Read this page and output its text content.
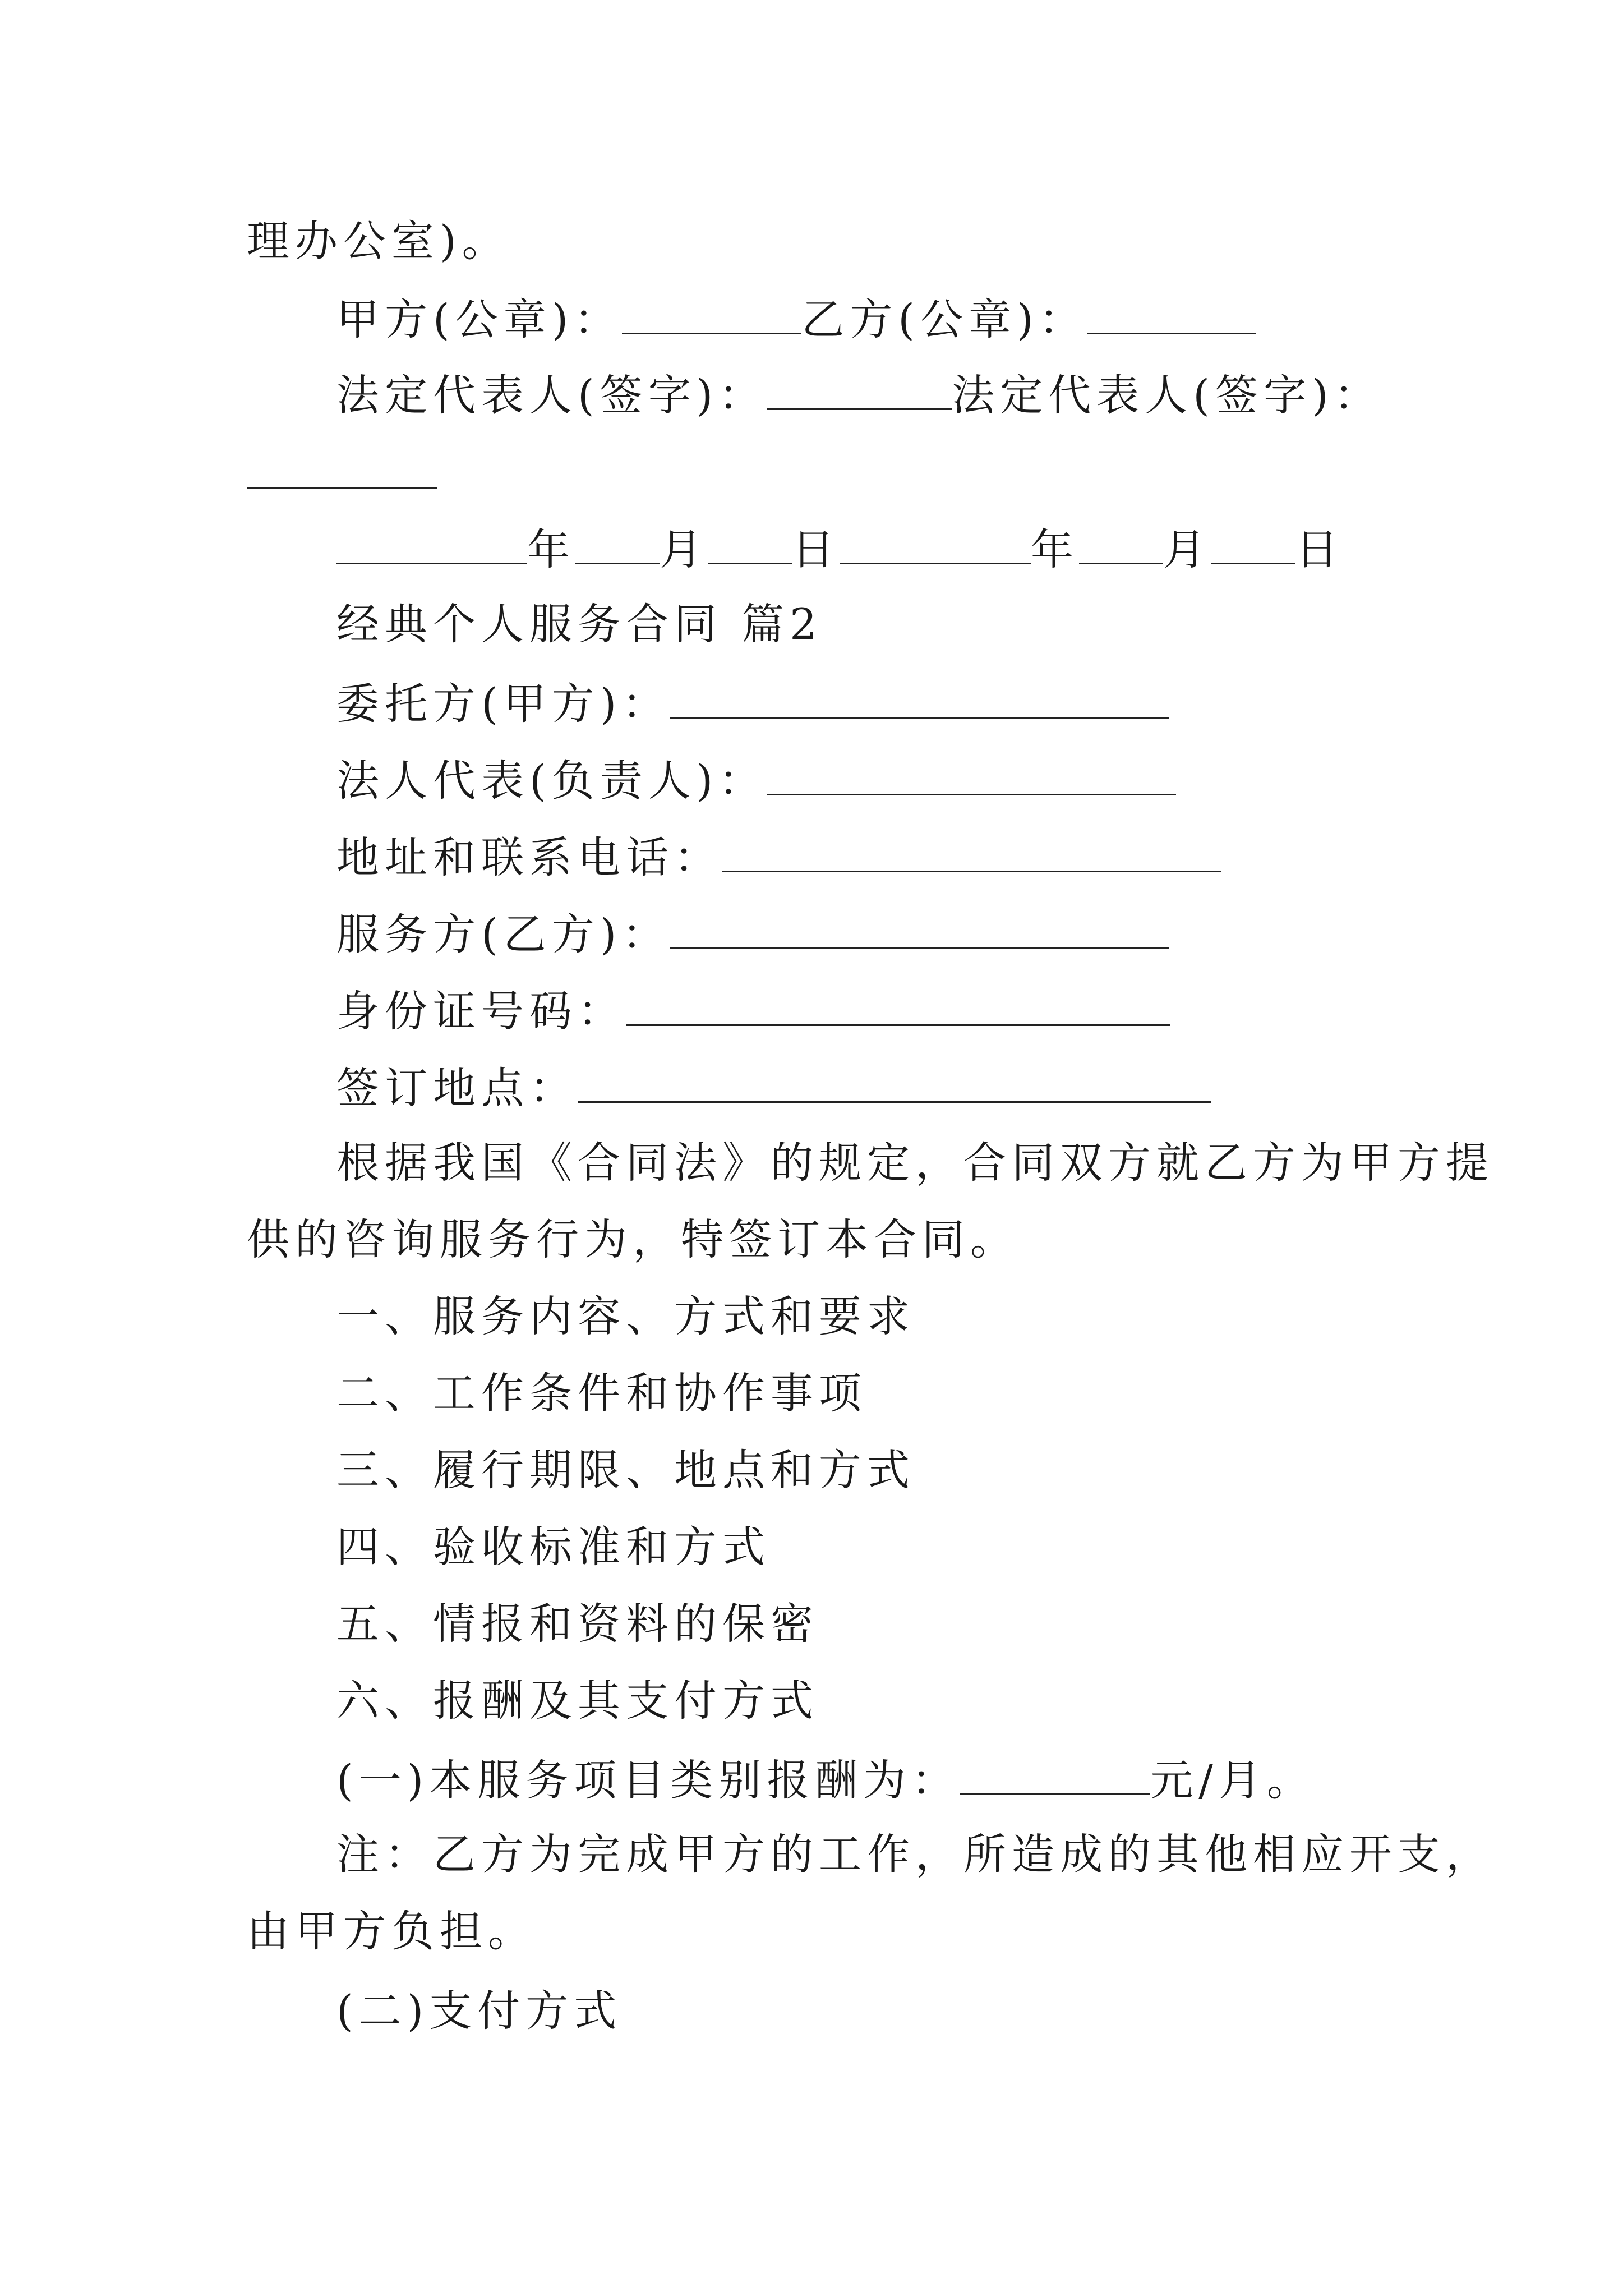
理办公室)。
甲方(公章)：	乙方(公章)：
法定代表人(签字)：	法定代表人(签字)：
年 月 日	年 月 日
经典个人服务合同 篇2
委托方(甲方)：
法人代表(负责人)：
地址和联系电话：
服务方(乙方)：
身份证号码：
签订地点：
根据我国《合同法》的规定，合同双方就乙方为甲方提
供的咨询服务行为，特签订本合同。
一、服务内容、方式和要求
二、工作条件和协作事项
三、履行期限、地点和方式
四、验收标准和方式
五、情报和资料的保密
六、报酬及其支付方式
(一)本服务项目类别报酬为：	元/月。
注：乙方为完成甲方的工作，所造成的其他相应开支，
由甲方负担。
(二)支付方式
